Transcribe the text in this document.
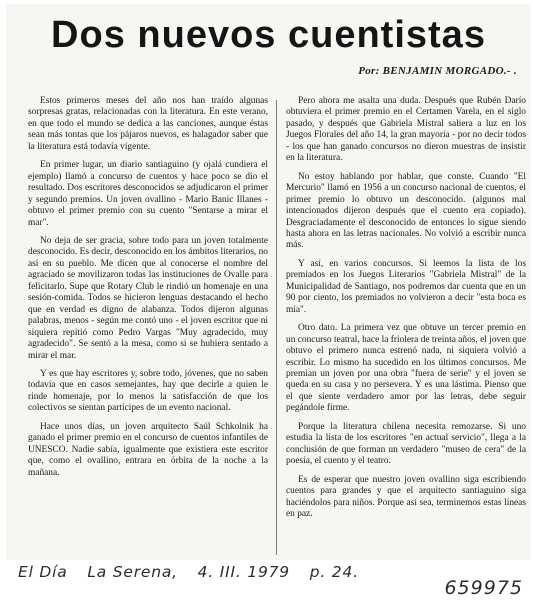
Dos nuevos cuentistas
Por: BENJAMIN MORGADO.- .

Estos primeros meses del año nos han traído algunas sorpresas gratas, relacionadas con la literatura. En este verano, en que todo el mundo se dedica a las canciones, aunque éstas sean más tontas que los pájaros nuevos, es halagador saber que la literatura está todavía vigente.

En primer lugar, un diario santiaguino (y ojalá cundiera el ejemplo) llamó a concurso de cuentos y hace poco se dio el resultado. Dos escritores desconocidos se adjudicaron el primer y segundo premios. Un joven ovallino - Mario Banic Illanes - obtuvo el primer premio con su cuento "Sentarse a mirar el mar".

No deja de ser gracia, sobre todo para un joven totalmente desconocido. Es decir, desconocido en los ámbitos literarios, no así en su pueblo. Me dicen que al conocerse el nombre del agraciado se movilizaron todas las instituciones de Ovalle para felicitarlo. Supe que Rotary Club le rindió un homenaje en una sesión-comida. Todos se hicieron lenguas destacando el hecho que en verdad es digno de alabanza. Todos dijeron algunas palabras, menos - según me contó uno - el joven escritor que ni siquiera repitió como Pedro Vargas "Muy agradecido, muy agradecido". Se sentó a la mesa, como si se hubiera sentado a mirar el mar.

Y es que hay escritores y, sobre todo, jóvenes, que no saben todavía que en casos semejantes, hay que decirle a quien le rinde homenaje, por lo menos la satisfacción de que los colectivos se sientan partícipes de un evento nacional.

Hace unos días, un joven arquitecto Saúl Schkolnik ha ganado el primer premio en el concurso de cuentos infantiles de UNESCO. Nadie sabía, igualmente que existiera este escritor que, como el ovallino, entrara en órbita de la noche a la mañana.

Pero ahora me asalta una duda. Después que Rubén Darío obtuviera el primer premio en el Certamen Varela, en el siglo pasado, y después que Gabriela Mistral saliera a luz en los Juegos Florales del año 14, la gran mayoría - por no decir todos - los que han ganado concursos no dieron muestras de insistir en la literatura.

No estoy hablando por hablar, que conste. Cuando "El Mercurio" llamó en 1956 a un concurso nacional de cuentos, el primer premio lo obtuvo un desconocido. (algunos mal intencionados dijeron después que el cuento era copiado). Desgraciadamente el desconocido de entonces lo sigue siendo hasta ahora en las letras nacionales. No volvió a escribir nunca más.

Y así, en varios concursos. Si leemos la lista de los premiados en los Juegos Literarios "Gabriela Mistral" de la Municipalidad de Santiago, nos podremos dar cuenta que en un 90 por ciento, los premiados no volvieron a decir "esta boca es mía".

Otro dato. La primera vez que obtuve un tercer premio en un concurso teatral, hace la friolera de treinta años, el joven que obtuvo el primero nunca estrenó nada, ni siquiera volvió a escribir. Lo mismo ha sucedido en los últimos concursos. Me premian un joven por una obra "fuera de serie" y el joven se queda en su casa y no persevera. Y es una lástima. Pienso que el que siente verdadero amor por las letras, debe seguir pegándole firme.

Porque la literatura chilena necesita remozarse. Si uno estudia la lista de los escritores "en actual servicio", llega a la conclusión de que forman un verdadero "museo de cera" de la poesía, el cuento y el teatro.

Es de esperar que nuestro joven ovallino siga escribiendo cuentos para grandes y que el arquitecto santiaguino siga haciéndolos para niños. Porque así sea, terminemos estas líneas en paz.

El Día La Serena, 4. III. 1979 p. 24.
659975
